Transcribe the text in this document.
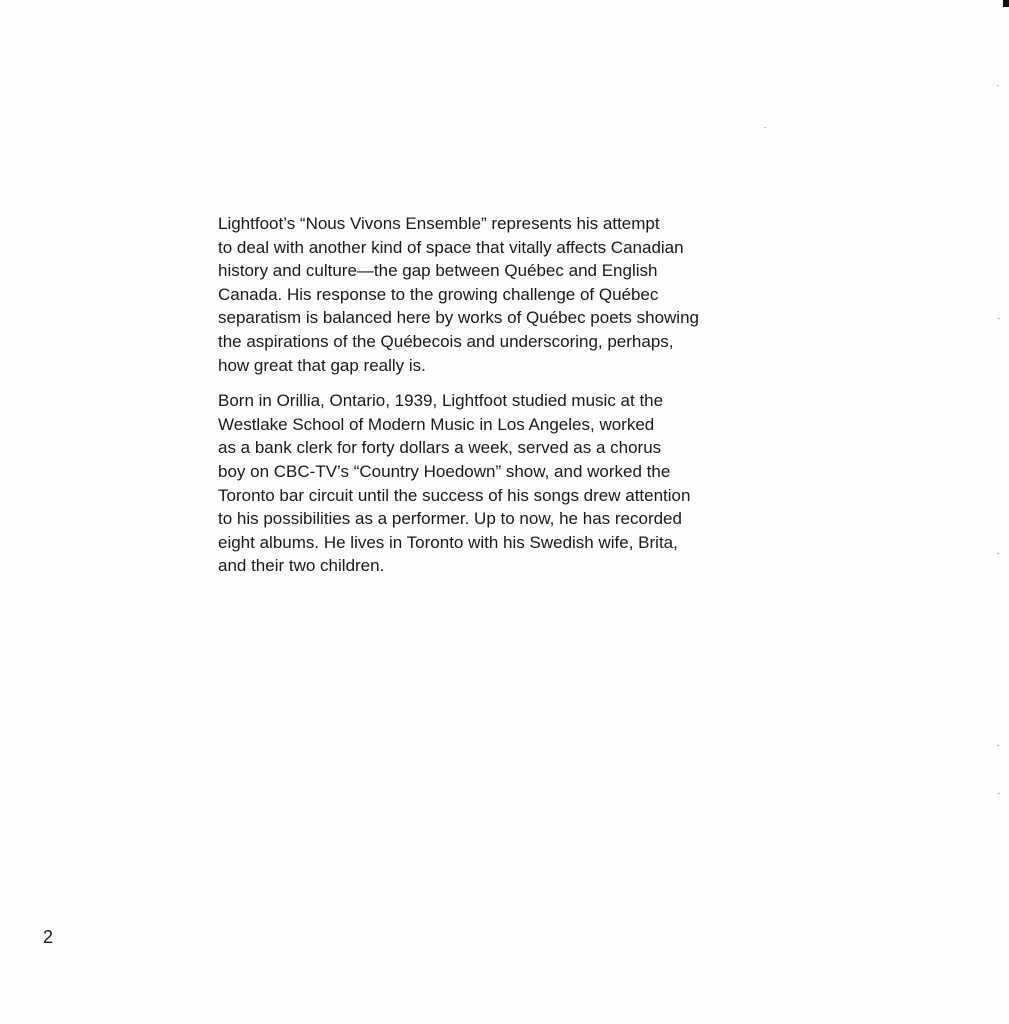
Lightfoot’s “Nous Vivons Ensemble” represents his attempt
to deal with another kind of space that vitally affects Canadian
history and culture—the gap between Québec and English
Canada. His response to the growing challenge of Québec
separatism is balanced here by works of Québec poets showing
the aspirations of the Québecois and underscoring, perhaps,
how great that gap really is.

Born in Orillia, Ontario, 1939, Lightfoot studied music at the
Westlake School of Modern Music in Los Angeles, worked
as a bank clerk for forty dollars a week, served as a chorus
boy on CBC-TV’s “Country Hoedown” show, and worked the
Toronto bar circuit until the success of his songs drew attention
to his possibilities as a performer. Up to now, he has recorded
eight albums. He lives in Toronto with his Swedish wife, Brita,
and their two children.

2
